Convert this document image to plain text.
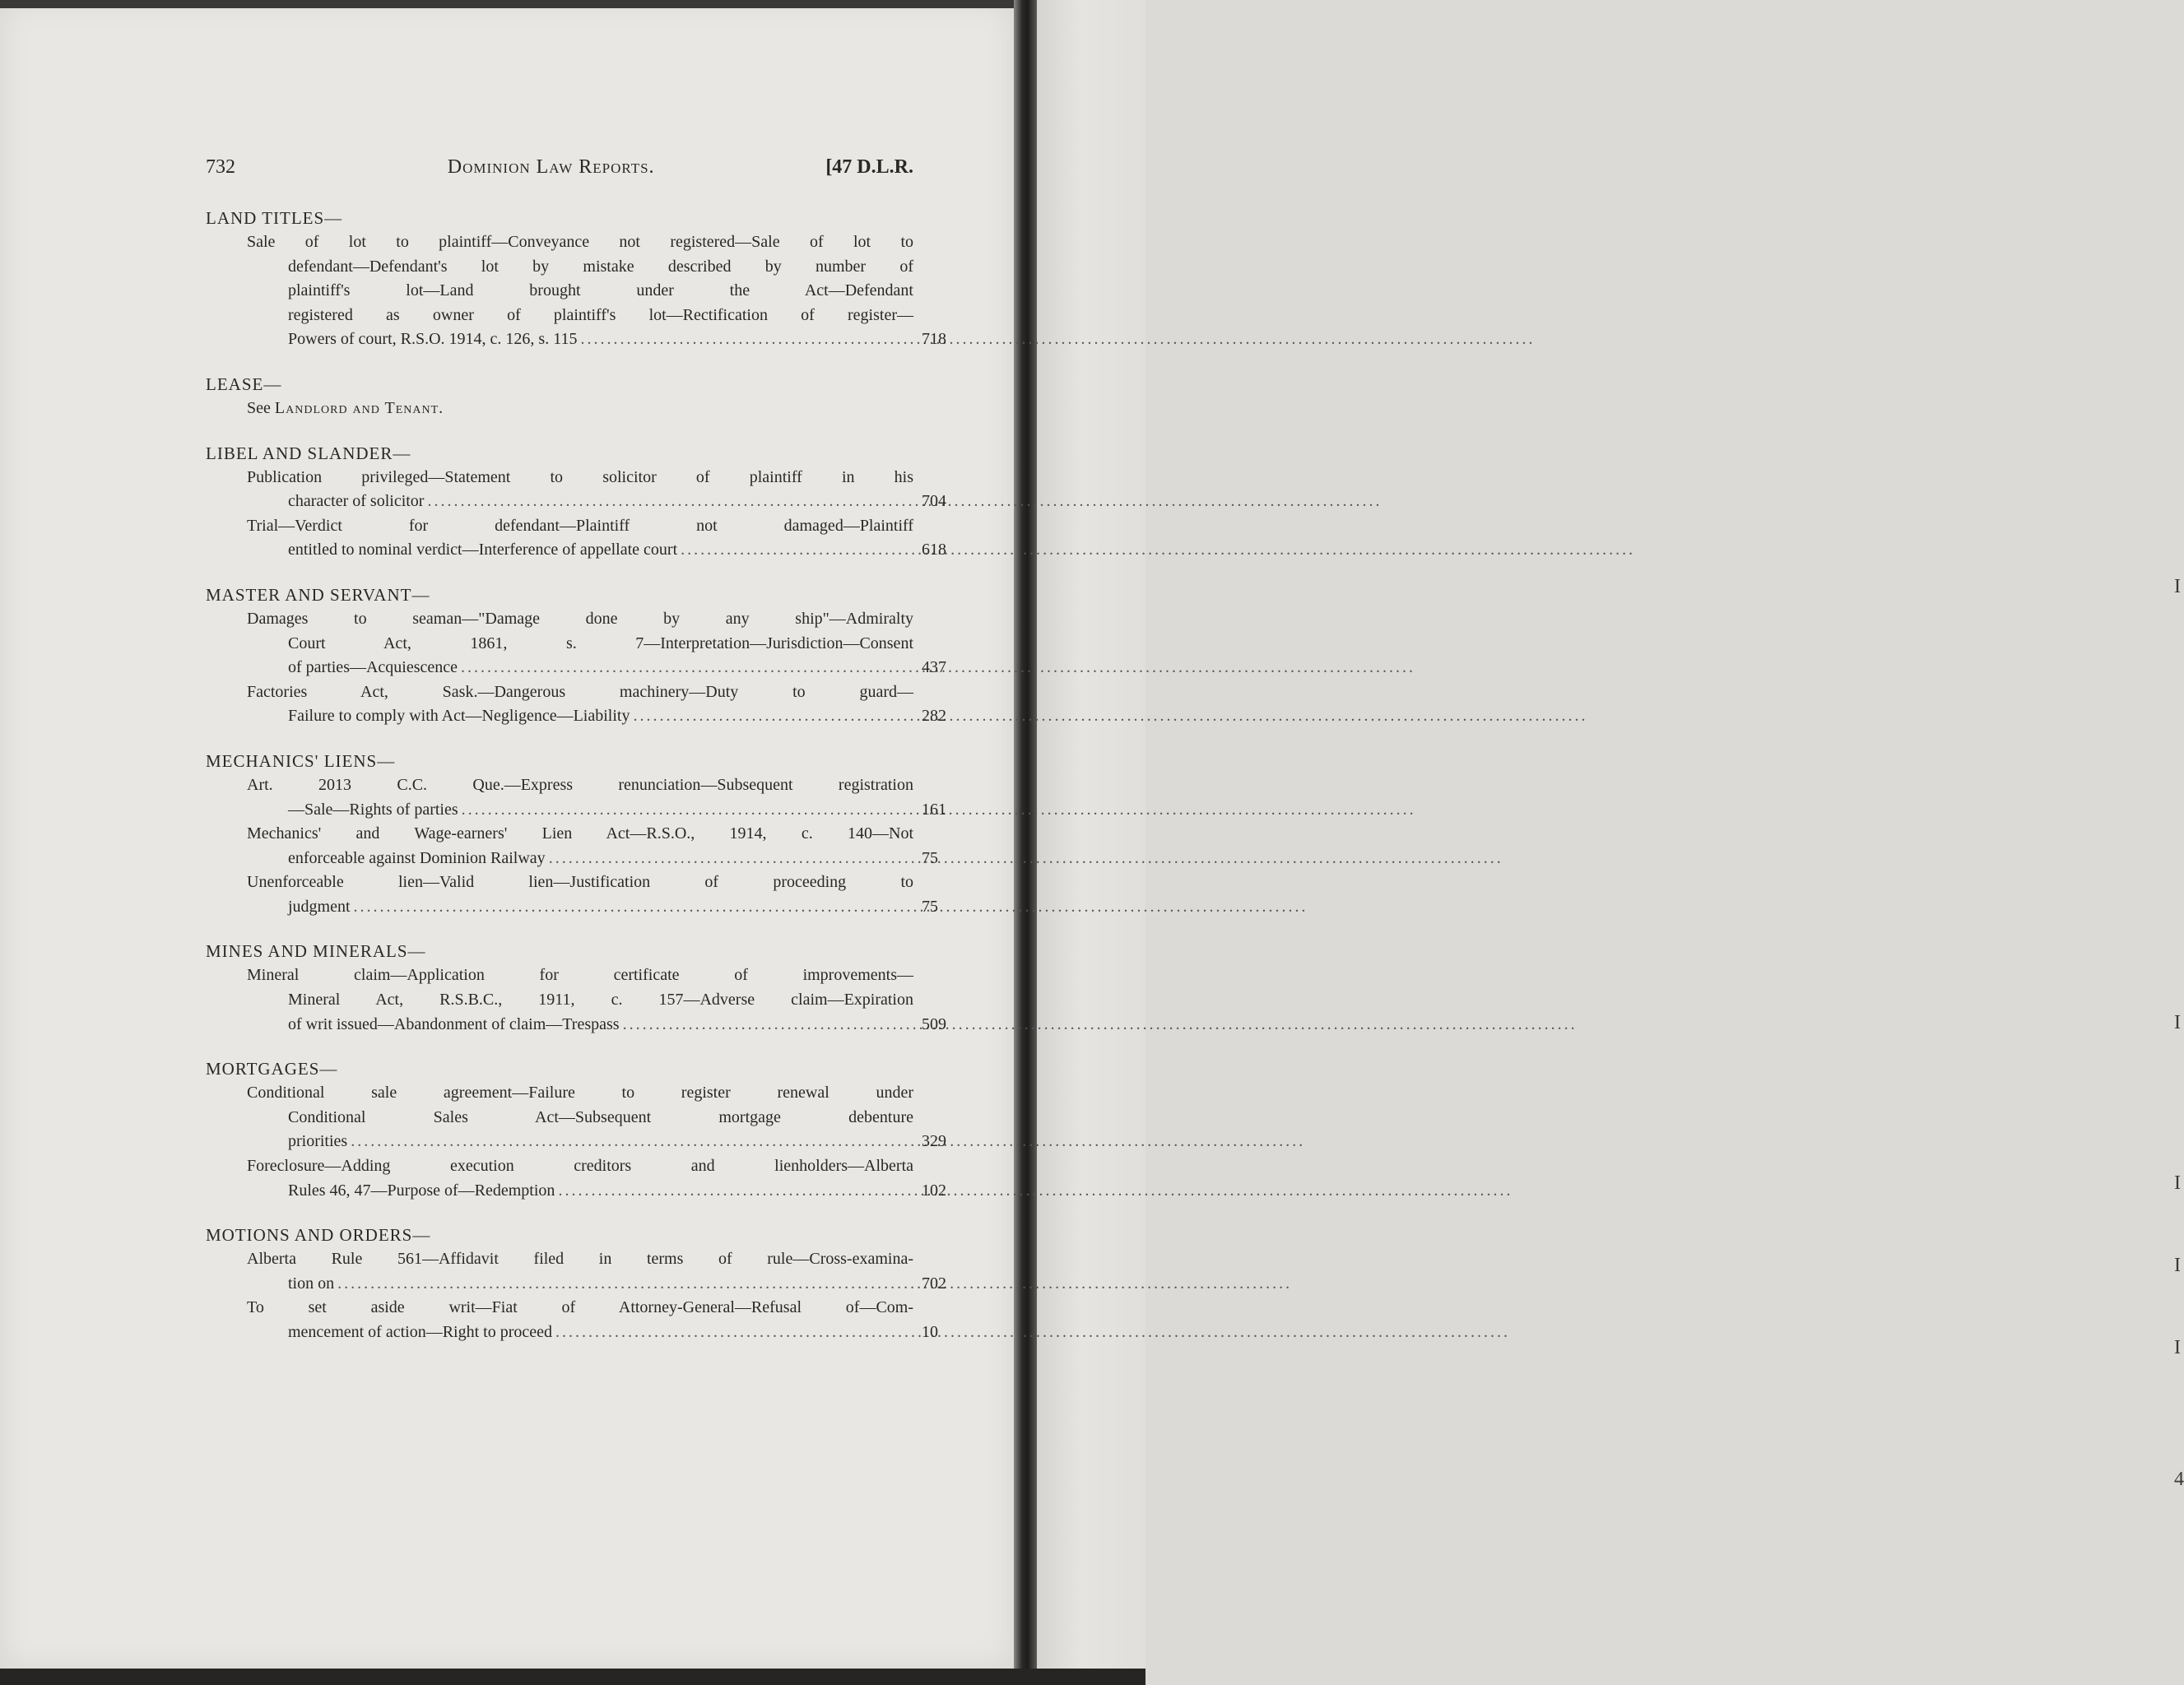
I
I
I
I
I
4
732	Dominion Law Reports.	[47 D.L.R.
LAND TITLES—
Sale of lot to plaintiff—Conveyance not registered—Sale of lot to
defendant—Defendant's lot by mistake described by number of
plaintiff's lot—Land brought under the Act—Defendant
registered as owner of plaintiff's lot—Rectification of register—
Powers of court, R.S.O. 1914, c. 126, s. 115 .....	718
LEASE—
See Landlord and Tenant.
LIBEL AND SLANDER—
Publication privileged—Statement to solicitor of plaintiff in his
character of solicitor .....	704
Trial—Verdict for defendant—Plaintiff not damaged—Plaintiff
entitled to nominal verdict—Interference of appellate court .....	618
MASTER AND SERVANT—
Damages to seaman—"Damage done by any ship"—Admiralty
Court Act, 1861, s. 7—Interpretation—Jurisdiction—Consent
of parties—Acquiescence .....	437
Factories Act, Sask.—Dangerous machinery—Duty to guard—
Failure to comply with Act—Negligence—Liability .....	282
MECHANICS' LIENS—
Art. 2013 C.C. Que.—Express renunciation—Subsequent registration
—Sale—Rights of parties .....	161
Mechanics' and Wage-earners' Lien Act—R.S.O., 1914, c. 140—Not
enforceable against Dominion Railway .....	75
Unenforceable lien—Valid lien—Justification of proceeding to
judgment .....	75
MINES AND MINERALS—
Mineral claim—Application for certificate of improvements—
Mineral Act, R.S.B.C., 1911, c. 157—Adverse claim—Expiration
of writ issued—Abandonment of claim—Trespass .....	509
MORTGAGES—
Conditional sale agreement—Failure to register renewal under
Conditional Sales Act—Subsequent mortgage debenture
priorities .....	329
Foreclosure—Adding execution creditors and lienholders—Alberta
Rules 46, 47—Purpose of—Redemption .....	102
MOTIONS AND ORDERS—
Alberta Rule 561—Affidavit filed in terms of rule—Cross-examina-
tion on .....	702
To set aside writ—Fiat of Attorney-General—Refusal of—Com-
mencement of action—Right to proceed .....	10
